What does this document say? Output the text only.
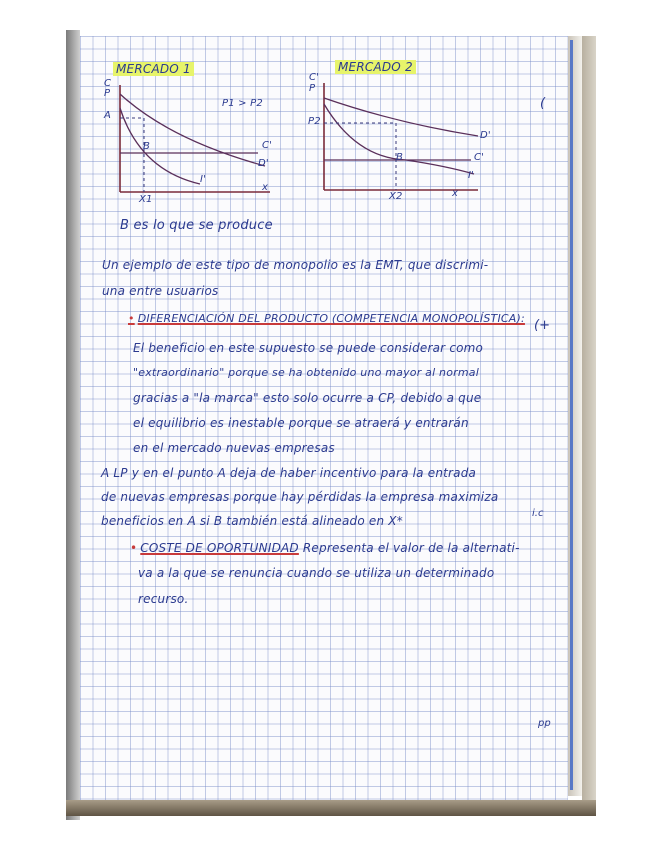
MERCADO 1
C
P
A
B
P1 > P2
C'
D'
I'
x
X1
MERCADO 2
C'
P
P2
B
D'
C'
I'
x
X2
B es lo que se produce
Un ejemplo de este tipo de monopolio es la EMT, que discrimi-
una entre usuarios
• DIFERENCIACIÓN DEL PRODUCTO (COMPETENCIA MONOPOLÍSTICA):
El beneficio en este supuesto se puede considerar como
"extraordinario" porque se ha obtenido uno mayor al normal
gracias a "la marca" esto solo ocurre a CP, debido a que
el equilibrio es inestable porque se atraerá y entrarán
en el mercado nuevas empresas
A LP y en el punto A deja de haber incentivo para la entrada
de nuevas empresas porque hay pérdidas la empresa maximiza
beneficios en A si B también está alineado en X*
• COSTE DE OPORTUNIDAD Representa el valor de la alternati-
va a la que se renuncia cuando se utiliza un determinado
recurso.
(
(+
i.c
pp
